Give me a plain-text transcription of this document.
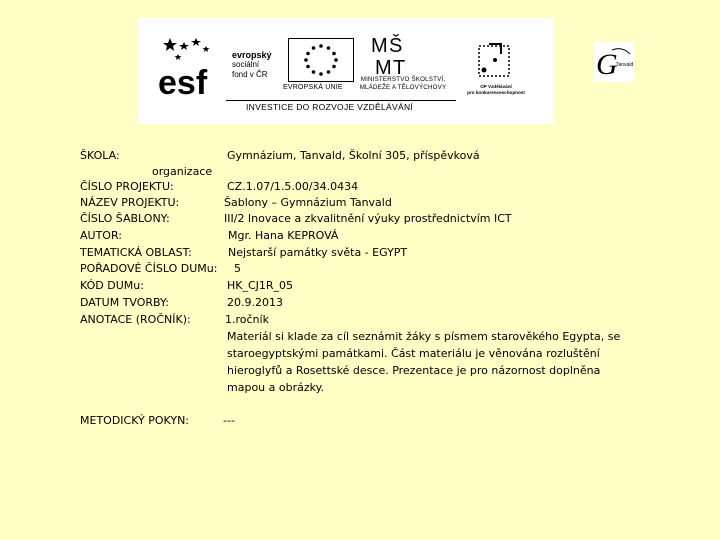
esf
evropský
sociální
fond v ČR
EVROPSKÁ UNIE
M Š
M T
MINISTERSTVO ŠKOLSTVÍ,
MLÁDEŽE A TĚLOVÝCHOVY	OP Vzdělávání
pro konkurenceschopnost
INVESTICE DO ROZVOJE VZDĚLÁVÁNÍ
G
Tanvald
ŠKOLA:	Gymnázium, Tanvald, Školní 305, příspěvková
organizace
ČÍSLO PROJEKTU:	CZ.1.07/1.5.00/34.0434
NÁZEV PROJEKTU:	Šablony – Gymnázium Tanvald
ČÍSLO ŠABLONY:	III/2 Inovace a zkvalitnění výuky prostřednictvím ICT
AUTOR:	Mgr. Hana KEPROVÁ
TEMATICKÁ OBLAST:	Nejstarší památky světa - EGYPT
POŘADOVÉ ČÍSLO DUMu: 5
KÓD DUMu:	HK_CJ1R_05
DATUM TVORBY:	20.9.2013
ANOTACE (ROČNÍK):	1.ročník
Materiál si klade za cíl seznámit žáky s písmem starověkého Egypta, se
staroegyptskými památkami. Část materiálu je věnována rozluštění
hieroglyfů a Rosettské desce. Prezentace je pro názornost doplněna
mapou a obrázky.
METODICKÝ POKYN:	---
